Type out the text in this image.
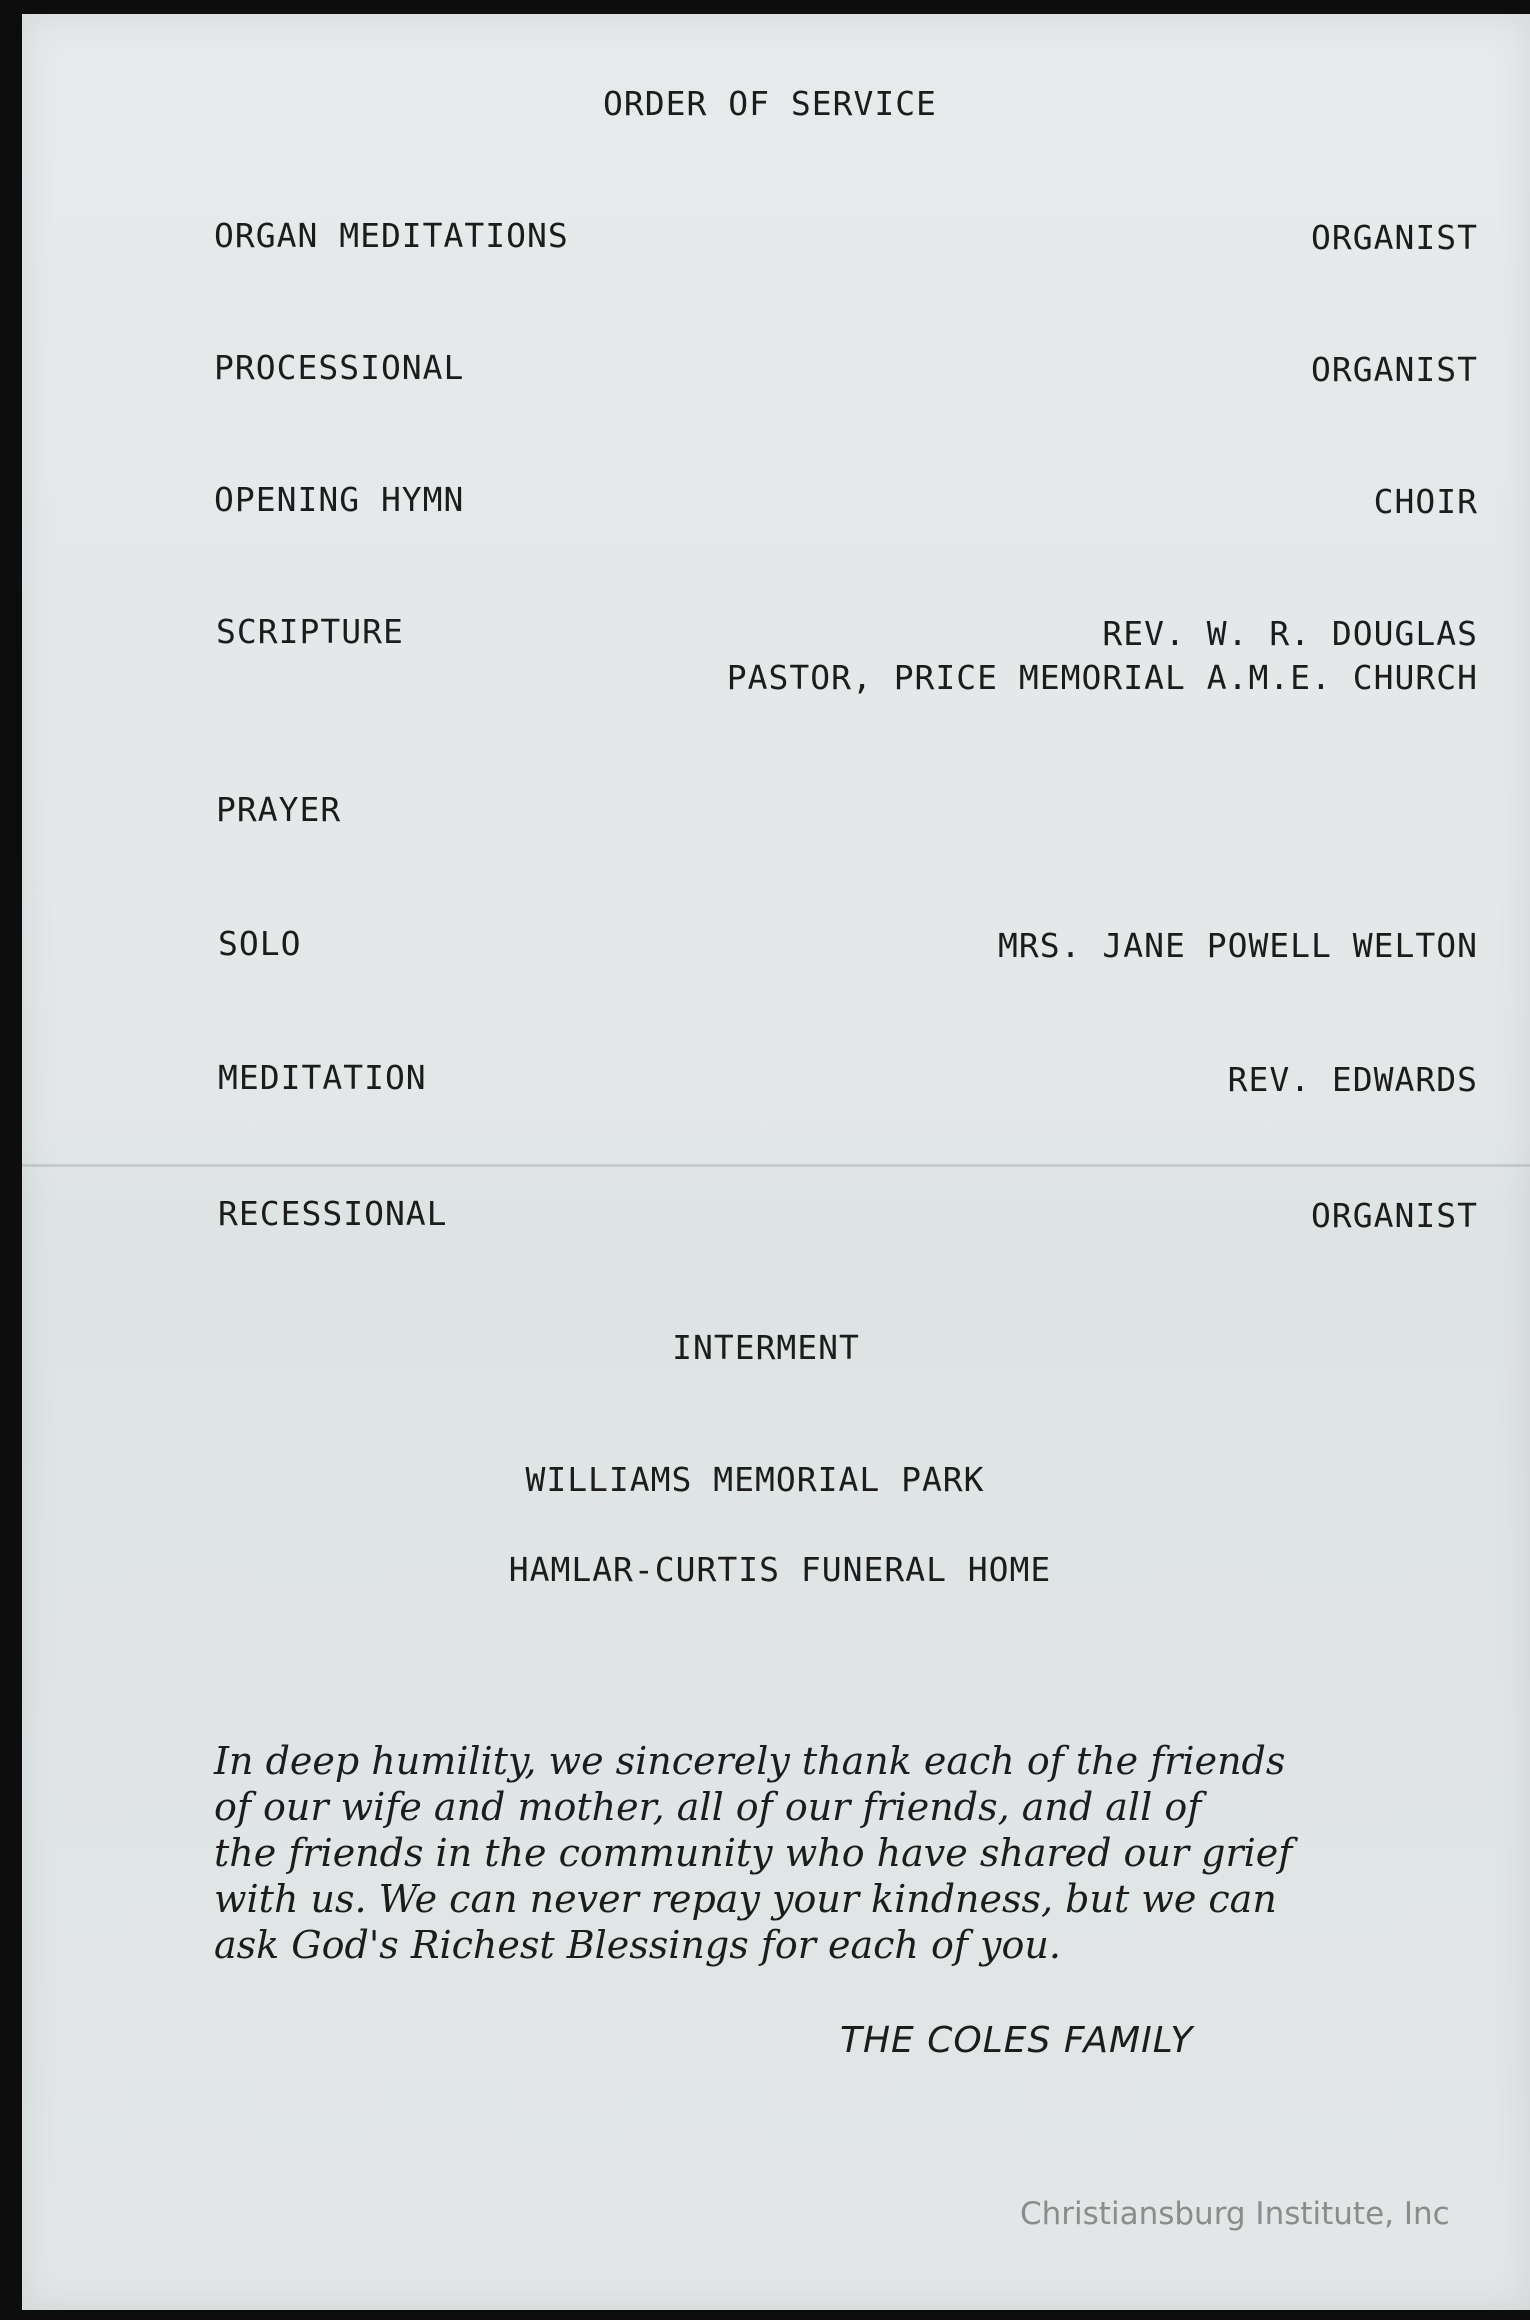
ORDER OF SERVICE
ORGAN MEDITATIONS	ORGANIST
PROCESSIONAL	ORGANIST
OPENING HYMN	CHOIR
SCRIPTURE	REV. W. R. DOUGLAS
PASTOR, PRICE MEMORIAL A.M.E. CHURCH
PRAYER
SOLO	MRS. JANE POWELL WELTON
MEDITATION	REV. EDWARDS
RECESSIONAL	ORGANIST
INTERMENT
WILLIAMS MEMORIAL PARK
HAMLAR-CURTIS FUNERAL HOME
In deep humility, we sincerely thank each of the friends
of our wife and mother, all of our friends, and all of
the friends in the community who have shared our grief
with us. We can never repay your kindness, but we can
ask God's Richest Blessings for each of you.
THE COLES FAMILY
Christiansburg Institute, Inc
